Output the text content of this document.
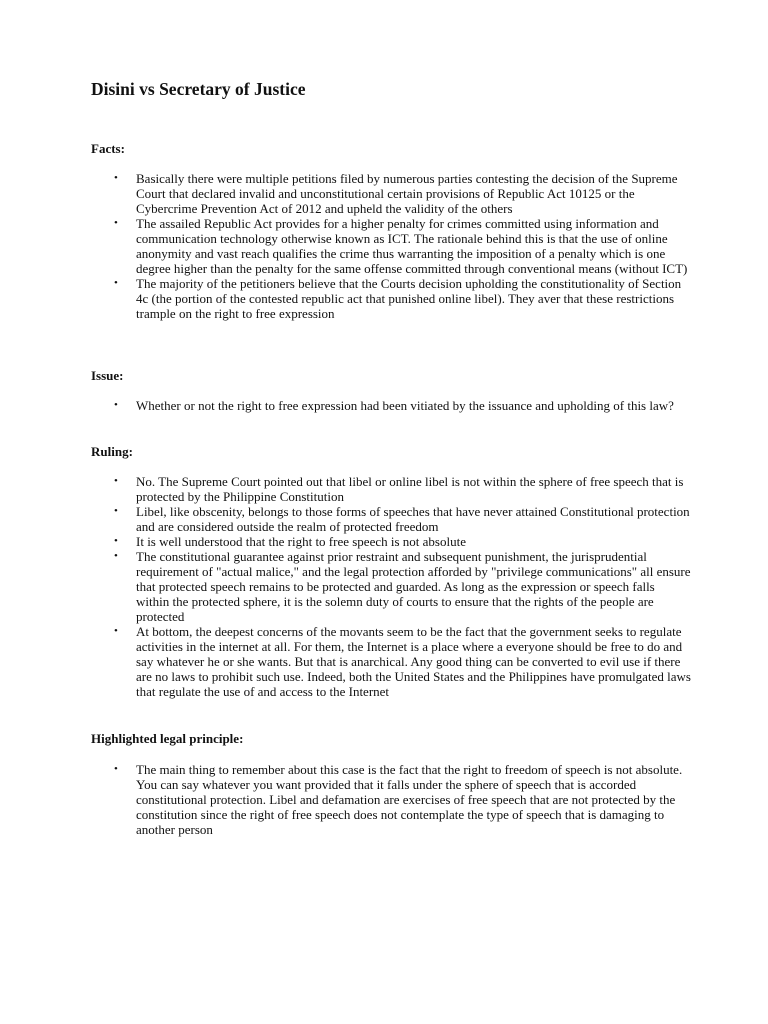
Disini vs Secretary of Justice
Facts:
• Basically there were multiple petitions filed by numerous parties contesting the decision of the Supreme Court that declared invalid and unconstitutional certain provisions of Republic Act 10125 or the Cybercrime Prevention Act of 2012 and upheld the validity of the others
• The assailed Republic Act provides for a higher penalty for crimes committed using information and communication technology otherwise known as ICT. The rationale behind this is that the use of online anonymity and vast reach qualifies the crime thus warranting the imposition of a penalty which is one degree higher than the penalty for the same offense committed through conventional means (without ICT)
• The majority of the petitioners believe that the Courts decision upholding the constitutionality of Section 4c (the portion of the contested republic act that punished online libel). They aver that these restrictions trample on the right to free expression
Issue:
• Whether or not the right to free expression had been vitiated by the issuance and upholding of this law?
Ruling:
• No. The Supreme Court pointed out that libel or online libel is not within the sphere of free speech that is protected by the Philippine Constitution
• Libel, like obscenity, belongs to those forms of speeches that have never attained Constitutional protection and are considered outside the realm of protected freedom
• It is well understood that the right to free speech is not absolute
• The constitutional guarantee against prior restraint and subsequent punishment, the jurisprudential requirement of "actual malice," and the legal protection afforded by "privilege communications" all ensure that protected speech remains to be protected and guarded. As long as the expression or speech falls within the protected sphere, it is the solemn duty of courts to ensure that the rights of the people are protected
• At bottom, the deepest concerns of the movants seem to be the fact that the government seeks to regulate activities in the internet at all. For them, the Internet is a place where a everyone should be free to do and say whatever he or she wants. But that is anarchical. Any good thing can be converted to evil use if there are no laws to prohibit such use. Indeed, both the United States and the Philippines have promulgated laws that regulate the use of and access to the Internet
Highlighted legal principle:
• The main thing to remember about this case is the fact that the right to freedom of speech is not absolute. You can say whatever you want provided that it falls under the sphere of speech that is accorded constitutional protection. Libel and defamation are exercises of free speech that are not protected by the constitution since the right of free speech does not contemplate the type of speech that is damaging to another person
